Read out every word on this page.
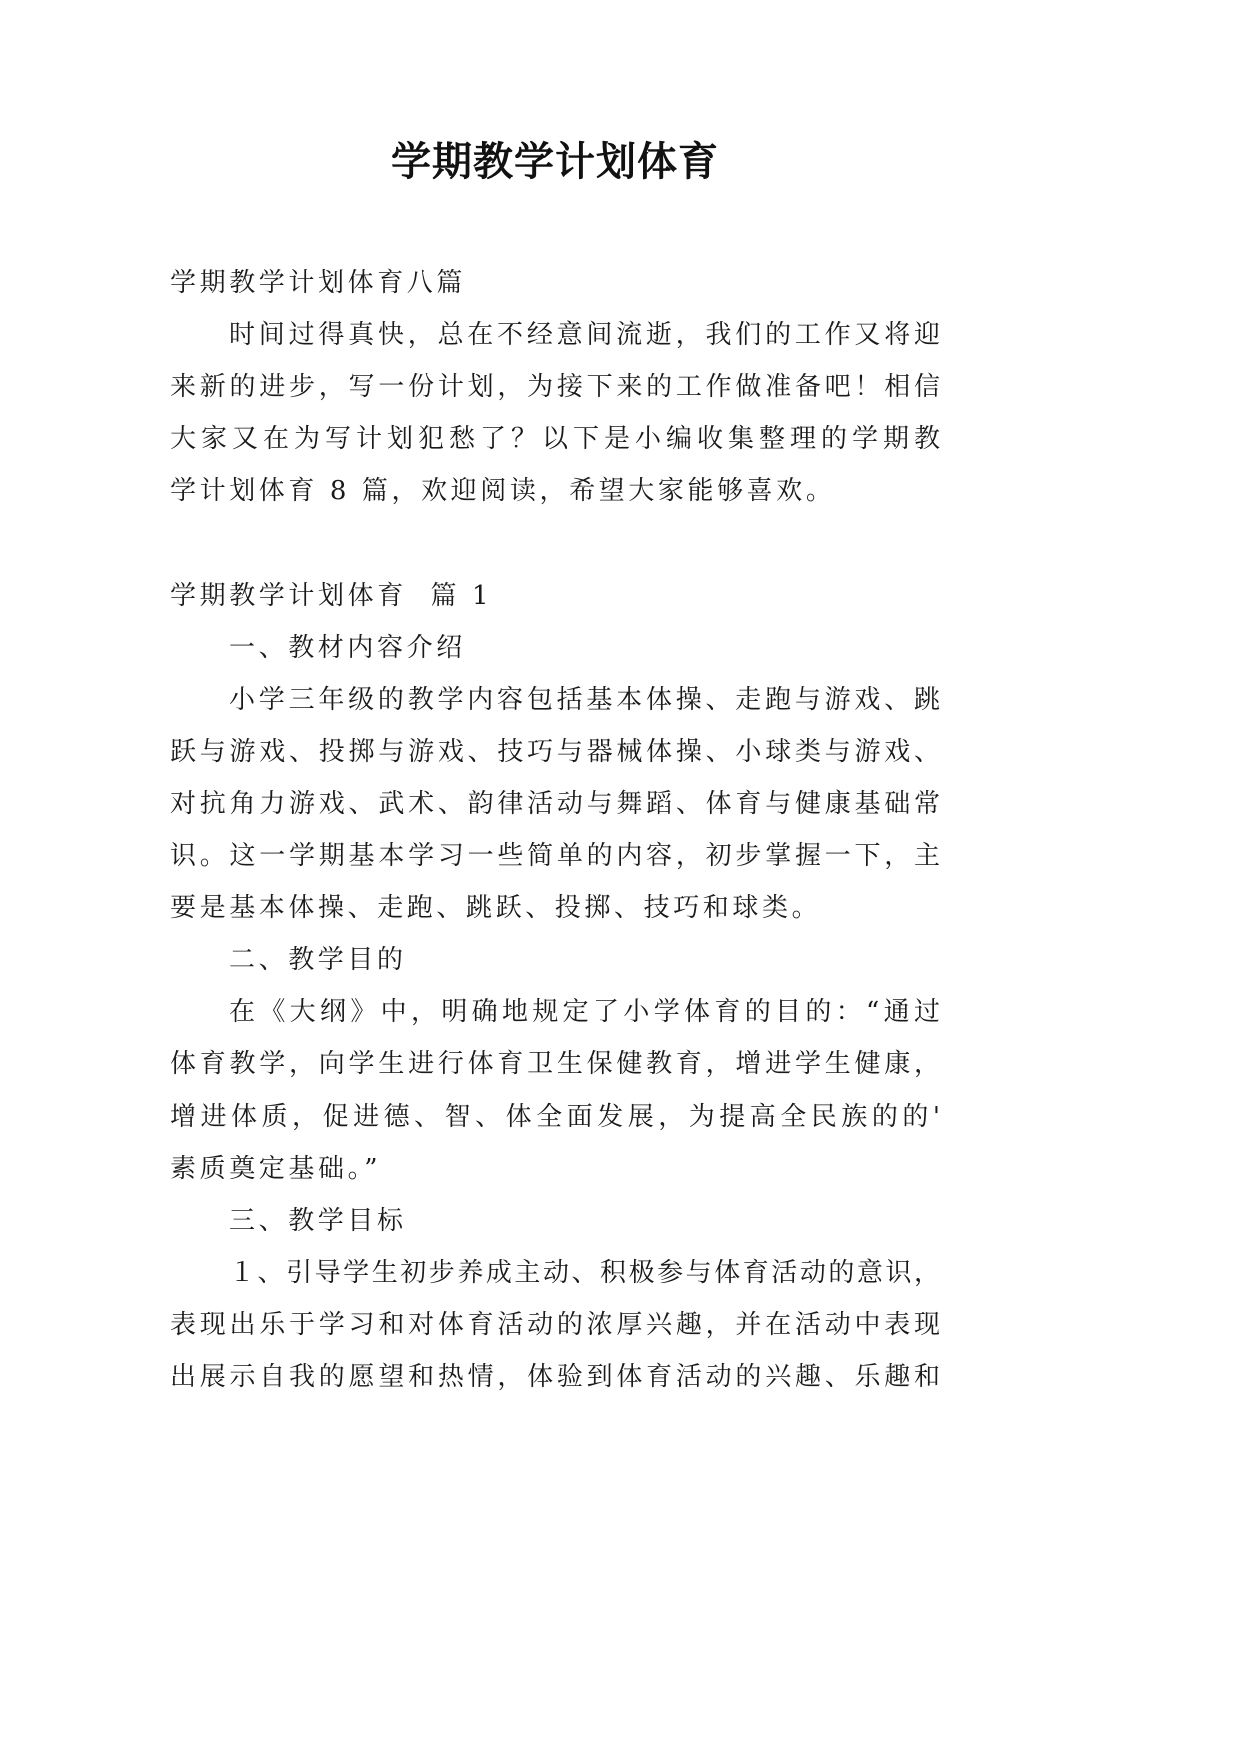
学期教学计划体育
学期教学计划体育八篇
时间过得真快，总在不经意间流逝，我们的工作又将迎
来新的进步，写一份计划，为接下来的工作做准备吧！相信
大家又在为写计划犯愁了？以下是小编收集整理的学期教
学计划体育 8 篇，欢迎阅读，希望大家能够喜欢。
学期教学计划体育  篇 1
一、教材内容介绍
小学三年级的教学内容包括基本体操、走跑与游戏、跳
跃与游戏、投掷与游戏、技巧与器械体操、小球类与游戏、
对抗角力游戏、武术、韵律活动与舞蹈、体育与健康基础常
识。这一学期基本学习一些简单的内容，初步掌握一下，主
要是基本体操、走跑、跳跃、投掷、技巧和球类。
二、教学目的
在《大纲》中，明确地规定了小学体育的目的：“通过
体育教学，向学生进行体育卫生保健教育，增进学生健康，
增进体质，促进德、智、体全面发展，为提高全民族的的'
素质奠定基础。”
三、教学目标
１、引导学生初步养成主动、积极参与体育活动的意识，
表现出乐于学习和对体育活动的浓厚兴趣，并在活动中表现
出展示自我的愿望和热情，体验到体育活动的兴趣、乐趣和
